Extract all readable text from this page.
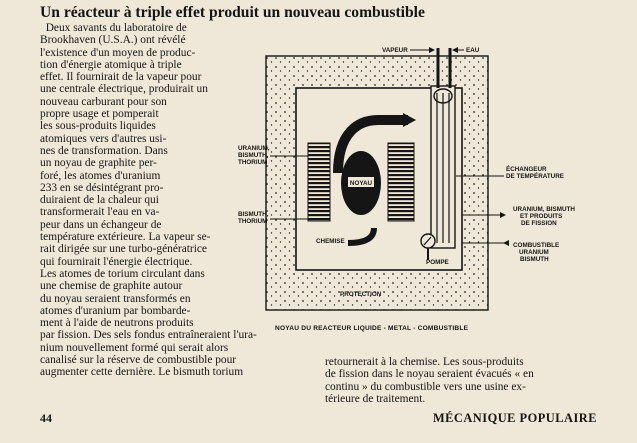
Un réacteur à triple effet produit un nouveau combustible
Deux savants du laboratoire de
Brookhaven (U.S.A.) ont révélé
l'existence d'un moyen de produc-
tion d'énergie atomique à triple
effet. Il fournirait de la vapeur pour
une centrale électrique, produirait un
nouveau carburant pour son
propre usage et pomperait
les sous-produits liquides
atomiques vers d'autres usi-
nes de transformation. Dans
un noyau de graphite per-
foré, les atomes d'uranium
233 en se désintégrant pro-
duiraient de la chaleur qui
transformerait l'eau en va-
peur dans un échangeur de
température extérieure. La vapeur se-
rait dirigée sur une turbo-génératrice
qui fournirait l'énergie électrique.
Les atomes de torium circulant dans
une chemise de graphite autour
du noyau seraient transformés en
atomes d'uranium par bombarde-
ment à l'aide de neutrons produits
par fission. Des sels fondus entraîneraient l'ura-
nium nouvellement formé qui serait alors
canalisé sur la réserve de combustible pour
augmenter cette dernière. Le bismuth torium
retournerait à la chemise. Les sous-produits
de fission dans le noyau seraient évacués « en
continu » du combustible vers une usine ex-
térieure de traitement.
NOYAU
VAPEUR	EAU
POMPE
CHEMISE
PROTECTION
URANIUM, BISMUTH, THORIUM
BISMUTH, THORIUM
ÉCHANGEUR DE TEMPÉRATURE
URANIUM, BISMUTH ET PRODUITS DE FISSION
COMBUSTIBLE URANIUM BISMUTH
NOYAU DU REACTEUR LIQUIDE - METAL - COMBUSTIBLE
44	MÉCANIQUE POPULAIRE
